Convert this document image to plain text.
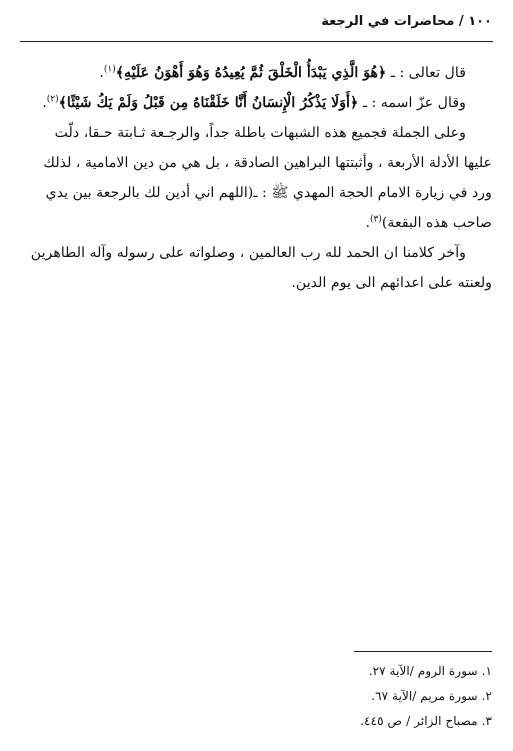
١٠٠ / محاضرات في الرجعة
قال تعالى : ـ ﴿هُوَ الَّذِي يَبْدَأُ الْخَلْقَ ثُمَّ يُعِيدُهُ وَهُوَ أَهْوَنُ عَلَيْهِ﴾$^{(١)}$.
وقال عزّ اسمه : ـ ﴿أَوَلَا يَذْكُرُ الْإِنسَانُ أَنَّا خَلَقْنَاهُ مِن قَبْلُ وَلَمْ يَكُ شَيْئًا﴾$^{(٢)}$.
وعلى الجملة فجميع هذه الشبهات باطلة جداً، والرجـعة ثـابتة حـقا، دلّت
عليها الأدلة الأربعة ، وأثبتتها البراهين الصادقة ، بل هي من دين الامامية ، لذلك
ورد في زيارة الامام الحجة المهدي ﷺ : ـ(اللهم اني أدين لك بالرجعة بين يدي
صاحب هذه البقعة)$^{(٣)}$.
وآخر كلامنا ان الحمد لله رب العالمين ، وصلواته على رسوله وآله الطاهرين
ولعنته على اعدائهم الى يوم الدين.
١. سورة الروم /الآية ٢٧.
٢. سورة مريم /الآية ٦٧.
٣. مصباح الزائر / ص ٤٤٥.
